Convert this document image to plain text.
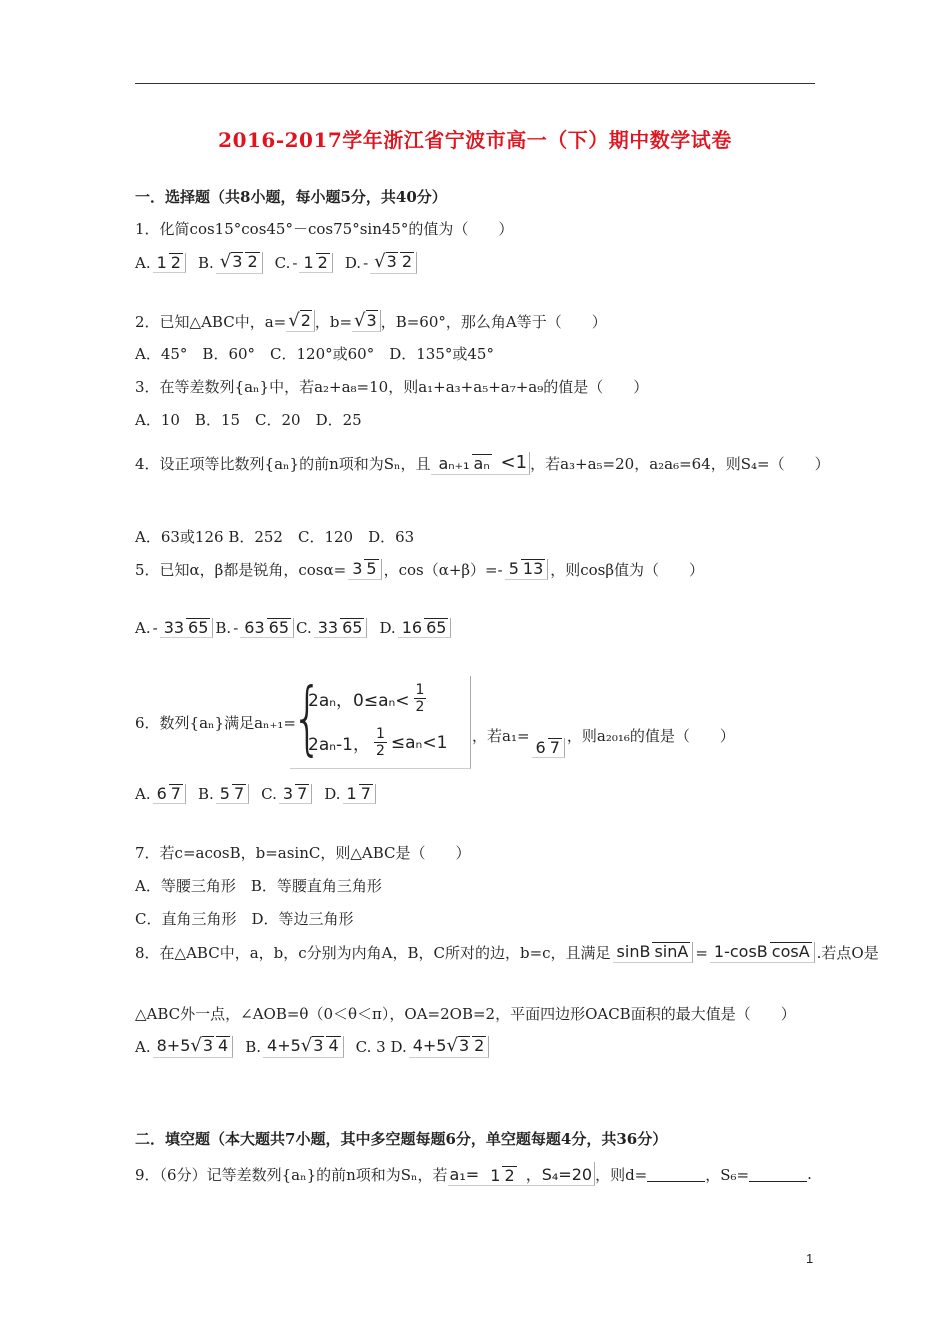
2016-2017学年浙江省宁波市高一（下）期中数学试卷
一．选择题（共8小题，每小题5分，共40分）
1．化简cos15°cos45°－cos75°sin45°的值为（　　）
A. 1 2	B. √3 2	C. - 1 2	D. - √3 2
2．已知△ABC中，a= √2 ，b= √3 ，B=60°，那么角A等于（　　）
A．45°　B．60°　C．120°或60°　D．135°或45°
3．在等差数列{aₙ}中，若a₂+a₈=10，则a₁+a₃+a₅+a₇+a₉的值是（　　）
A．10　B．15　C．20　D．25
4．设正项等比数列{aₙ}的前n项和为Sₙ，且 aₙ₊₁ aₙ <1 ，若a₃+a₅=20，a₂a₆=64，则S₄=（　　）
A．63或126 B．252　C．120　D．63
5．已知α，β都是锐角，cosα= 3 5 ，cos（α+β）=- 5 13 ，则cosβ值为（　　）
A. - 33 65 B. - 63 65 C. 33 65	D. 16 65
6．数列{aₙ}满足aₙ₊₁=
{
2aₙ，$0\le a_n< \frac{1}{2}$
2aₙ-1， $\frac{1}{2} \le a_n<1$ ，若a₁=
6 7
，则a₂₀₁₆的值是（　　）
A. 6 7	B. 5 7	C. 3 7	D. 1 7
7．若c=acosB，b=asinC，则△ABC是（　　）
A．等腰三角形　B．等腰直角三角形
C．直角三角形　D．等边三角形
8．在△ABC中，a，b，c分别为内角A，B，C所对的边，b=c，且满足 sinB sinA = 1-cosB cosA .若点O是
△ABC外一点，∠AOB=θ（0＜θ＜π），OA=2OB=2，平面四边形OACB面积的最大值是（　　）
A. 8+5√3 4	B. 4+5√3 4	C. 3 D. 4+5√3 2
二．填空题（本大题共7小题，其中多空题每题6分，单空题每题4分，共36分）
9．（6分）记等差数列{aₙ}的前n项和为Sₙ，若 a₁= 1 2 ，S₄=20 ，则d=	，S₆=	.
1
